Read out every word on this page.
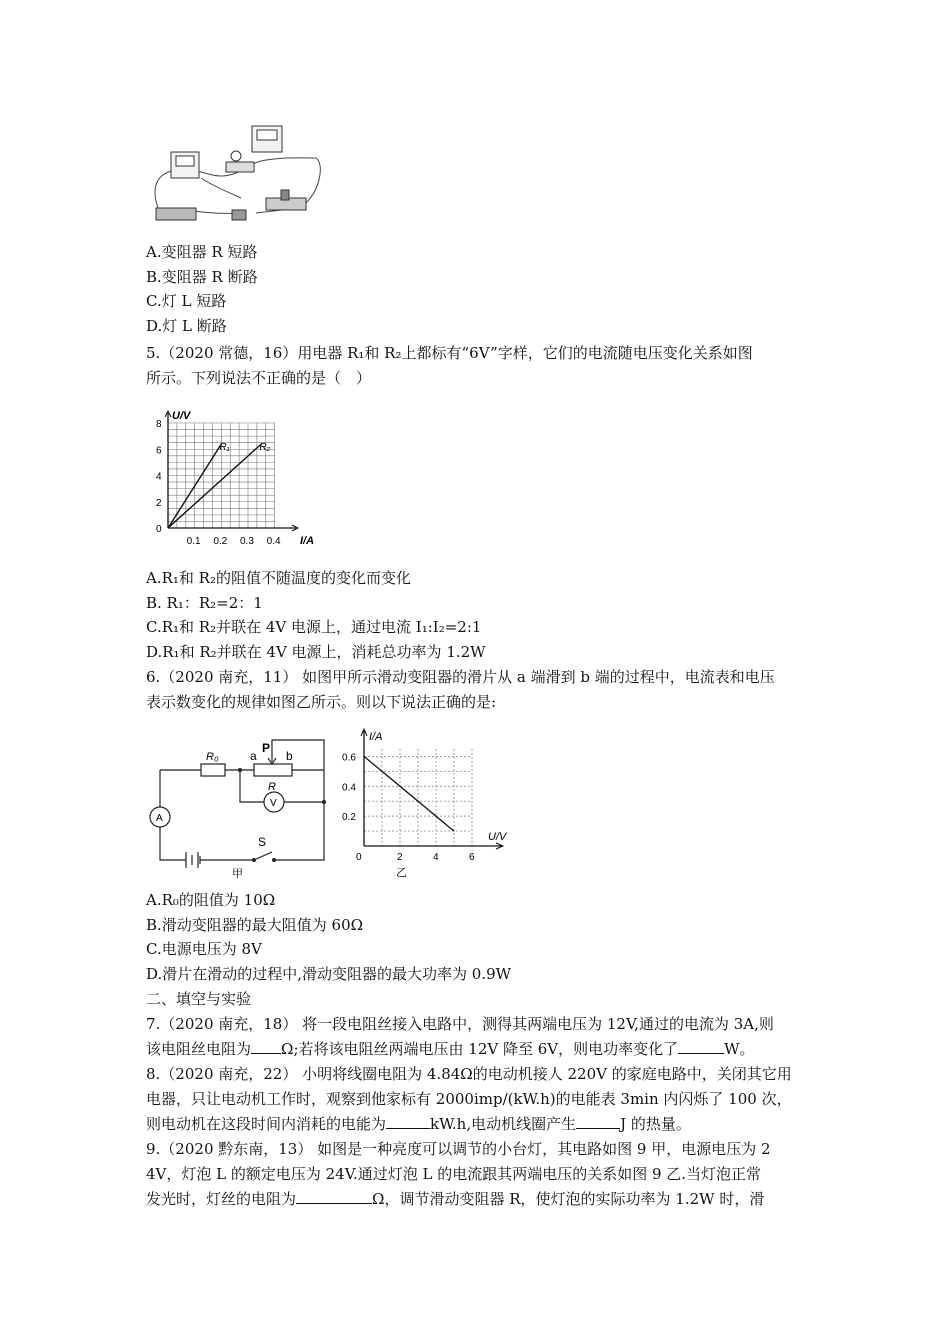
A.变阻器 R 短路
B.变阻器 R 断路
C.灯 L 短路
D.灯 L 断路
5.（2020 常德，16）用电器 R₁和 R₂上都标有“6V”字样，它们的电流随电压变化关系如图
所示。下列说法不正确的是（　）
U/V
I/A
0
2
4
6
8
0.1 0.2 0.3 0.4
R₁	R₂
A.R₁和 R₂的阻值不随温度的变化而变化
B. R₁：R₂=2：1
C.R₁和 R₂并联在 4V 电源上，通过电流 I₁:I₂=2:1
D.R₁和 R₂并联在 4V 电源上，消耗总功率为 1.2W
6.（2020 南充，11） 如图甲所示滑动变阻器的滑片从 a 端滑到 b 端的过程中，电流表和电压
表示数变化的规律如图乙所示。则以下说法正确的是:
R₀	a
P
b
R
V
A
S
甲
I/A
U/V
0.2
0.4
0.6
0	2	4	6
乙
A.R₀的阻值为 10Ω
B.滑动变阻器的最大阻值为 60Ω
C.电源电压为 8V
D.滑片在滑动的过程中,滑动变阻器的最大功率为 0.9W
二、填空与实验
7.（2020 南充，18） 将一段电阻丝接入电路中，测得其两端电压为 12V,通过的电流为 3A,则
该电阻丝电阻为 Ω;若将该电阻丝两端电压由 12V 降至 6V，则电功率变化了	W。
8.（2020 南充，22） 小明将线圈电阻为 4.84Ω的电动机接人 220V 的家庭电路中，关闭其它用
电器，只让电动机工作时，观察到他家标有 2000imp/(kW.h)的电能表 3min 内闪烁了 100 次，
则电动机在这段时间内消耗的电能为	kW.h,电动机线圈产生	J 的热量。
9.（2020 黔东南，13） 如图是一种亮度可以调节的小台灯，其电路如图 9 甲，电源电压为 2
4V，灯泡 L 的额定电压为 24V.通过灯泡 L 的电流跟其两端电压的关系如图 9 乙.当灯泡正常
发光时，灯丝的电阻为	Ω，调节滑动变阻器 R，使灯泡的实际功率为 1.2W 时，滑
